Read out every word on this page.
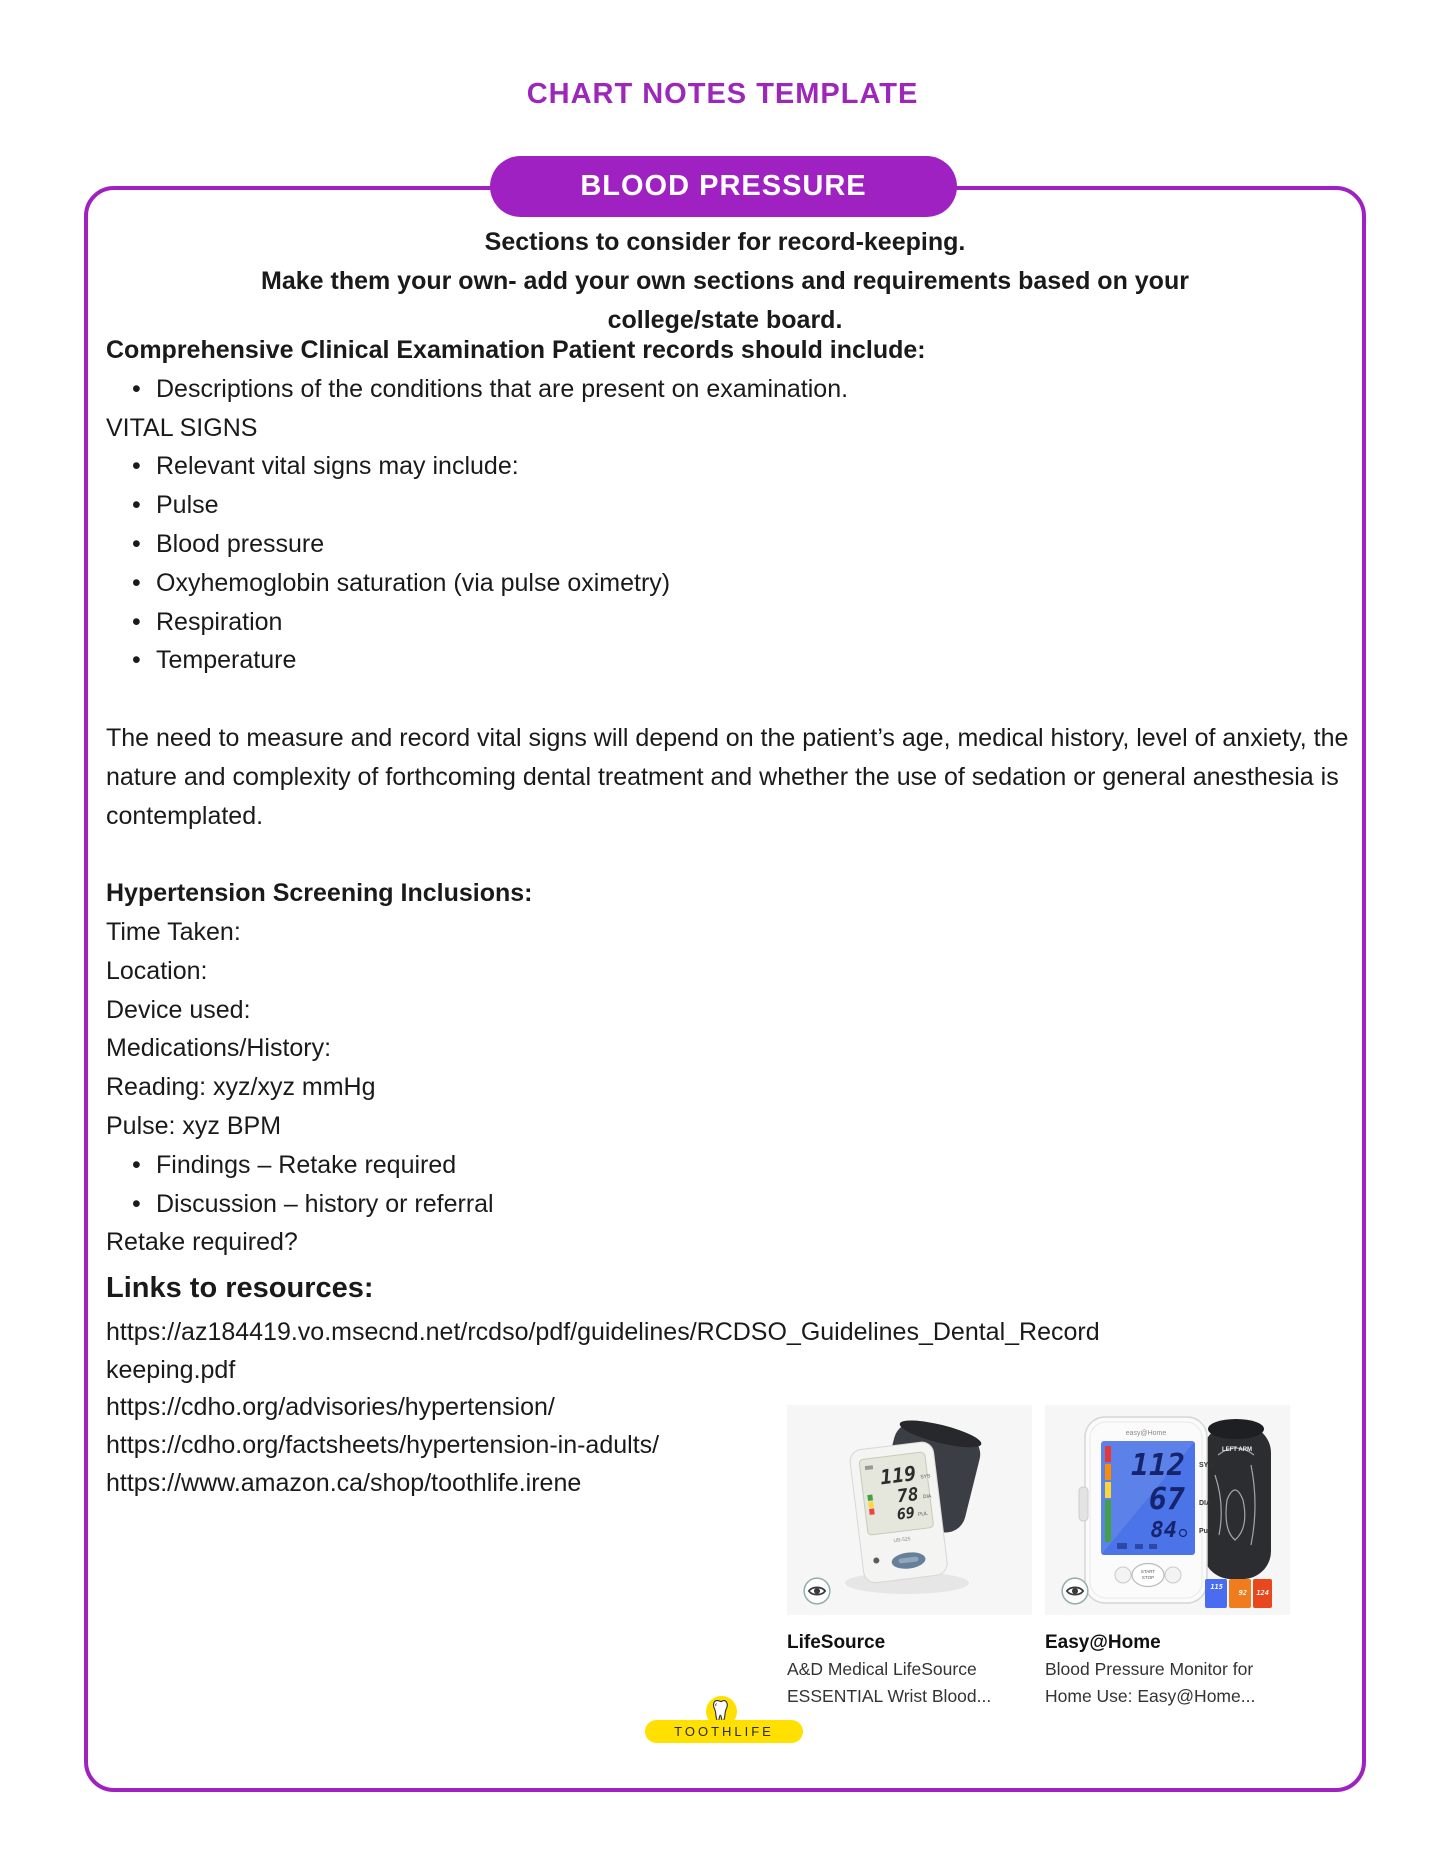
CHART NOTES TEMPLATE
BLOOD PRESSURE
Sections to consider for record-keeping.
Make them your own- add your own sections and requirements based on your college/state board.
Comprehensive Clinical Examination Patient records should include:
• Descriptions of the conditions that are present on examination.
VITAL SIGNS
• Relevant vital signs may include:
• Pulse
• Blood pressure
• Oxyhemoglobin saturation (via pulse oximetry)
• Respiration
• Temperature

The need to measure and record vital signs will depend on the patient’s age, medical history, level of anxiety, the nature and complexity of forthcoming dental treatment and whether the use of sedation or general anesthesia is contemplated.

Hypertension Screening Inclusions:
Time Taken:
Location:
Device used:
Medications/History:
Reading: xyz/xyz mmHg
Pulse: xyz BPM
• Findings – Retake required
• Discussion – history or referral
Retake required?
Links to resources:
https://az184419.vo.msecnd.net/rcdso/pdf/guidelines/RCDSO_Guidelines_Dental_Recordkeeping.pdf
https://cdho.org/advisories/hypertension/
https://cdho.org/factsheets/hypertension-in-adults/
https://www.amazon.ca/shop/toothlife.irene	119
78
69
SYS
DIA
PUL
UB-525
LifeSource
A&D Medical LifeSource
ESSENTIAL Wrist Blood...
LEFT ARM
easy@Home
112
67
84
SYS.
DIA.
Pul
START
STOP
115
92 124
Easy@Home
Blood Pressure Monitor for
Home Use: Easy@Home...
TOOTHLIFE
